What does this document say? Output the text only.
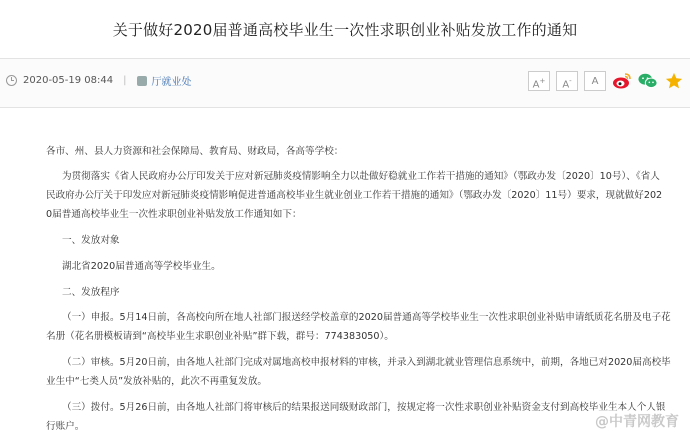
关于做好2020届普通高校毕业生一次性求职创业补贴发放工作的通知
2020-05-19 08:44 |	厅就业处	A+	A-	A
各市、州、县人力资源和社会保障局、教育局、财政局，各高等学校：
为贯彻落实《省人民政府办公厅印发关于应对新冠肺炎疫情影响全力以赴做好稳就业工作若干措施的通知》（鄂政办发〔2020〕10号）、《省人
民政府办公厅关于印发应对新冠肺炎疫情影响促进普通高校毕业生就业创业工作若干措施的通知》（鄂政办发〔2020〕11号）要求，现就做好202
0届普通高校毕业生一次性求职创业补贴发放工作通知如下：
一、发放对象
湖北省2020届普通高等学校毕业生。
二、发放程序
（一）申报。5月14日前，各高校向所在地人社部门报送经学校盖章的2020届普通高等学校毕业生一次性求职创业补贴申请纸质花名册及电子花
名册（花名册模板请到“高校毕业生求职创业补贴”群下载，群号：774383050）。
（二）审核。5月20日前，由各地人社部门完成对属地高校申报材料的审核，并录入到湖北就业管理信息系统中，前期，各地已对2020届高校毕
业生中“七类人员”发放补贴的，此次不再重复发放。
（三）拨付。5月26日前，由各地人社部门将审核后的结果报送同级财政部门，按规定将一次性求职创业补贴资金支付到高校毕业生本人个人银
行账户。	@中青网教育
